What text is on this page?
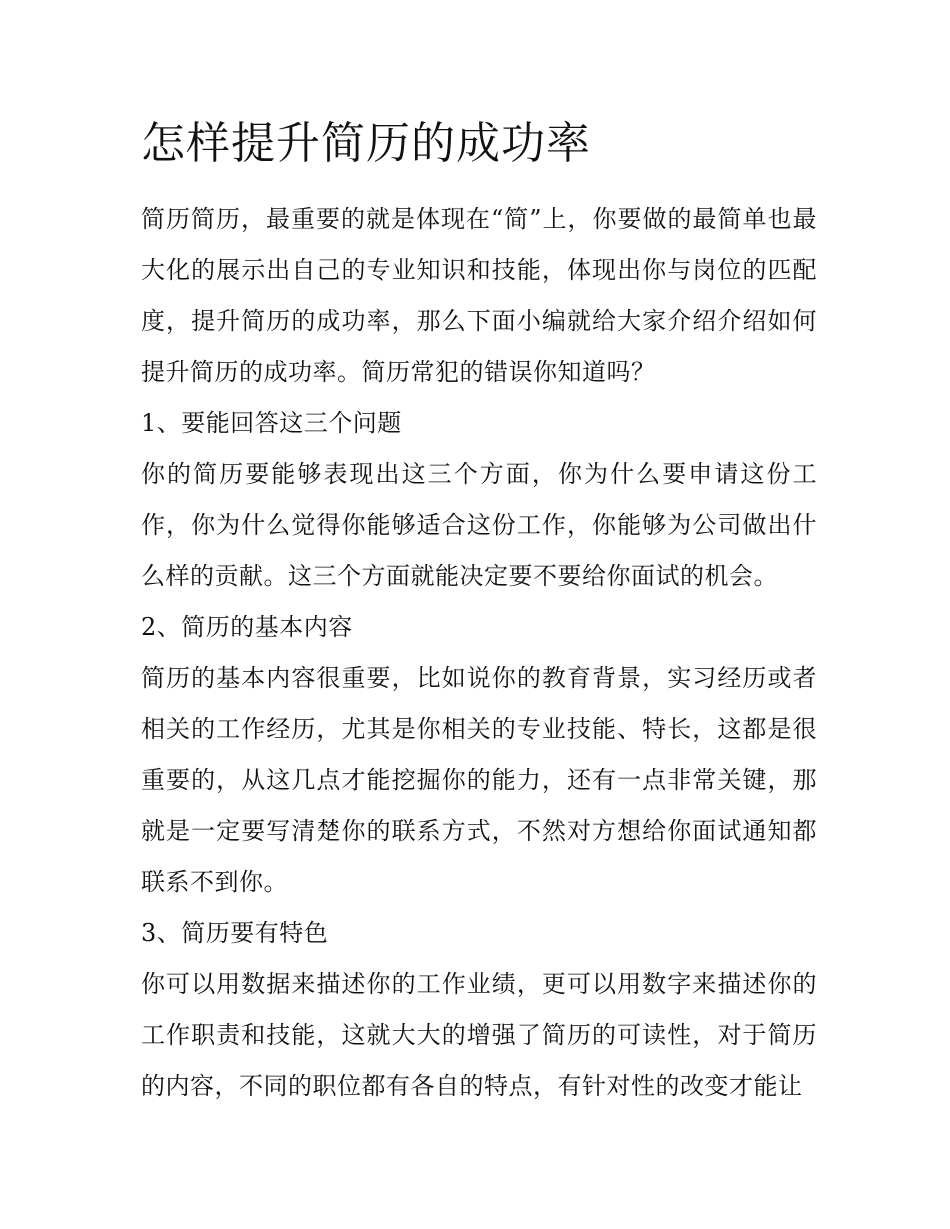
怎样提升简历的成功率

简历简历，最重要的就是体现在“简”上，你要做的最简单也最大化的展示出自己的专业知识和技能，体现出你与岗位的匹配度，提升简历的成功率，那么下面小编就给大家介绍介绍如何提升简历的成功率。简历常犯的错误你知道吗？

1、要能回答这三个问题

你的简历要能够表现出这三个方面，你为什么要申请这份工作，你为什么觉得你能够适合这份工作，你能够为公司做出什么样的贡献。这三个方面就能决定要不要给你面试的机会。

2、简历的基本内容

简历的基本内容很重要，比如说你的教育背景，实习经历或者相关的工作经历，尤其是你相关的专业技能、特长，这都是很重要的，从这几点才能挖掘你的能力，还有一点非常关键，那就是一定要写清楚你的联系方式，不然对方想给你面试通知都联系不到你。

3、简历要有特色

你可以用数据来描述你的工作业绩，更可以用数字来描述你的工作职责和技能，这就大大的增强了简历的可读性，对于简历的内容，不同的职位都有各自的特点，有针对性的改变才能让
